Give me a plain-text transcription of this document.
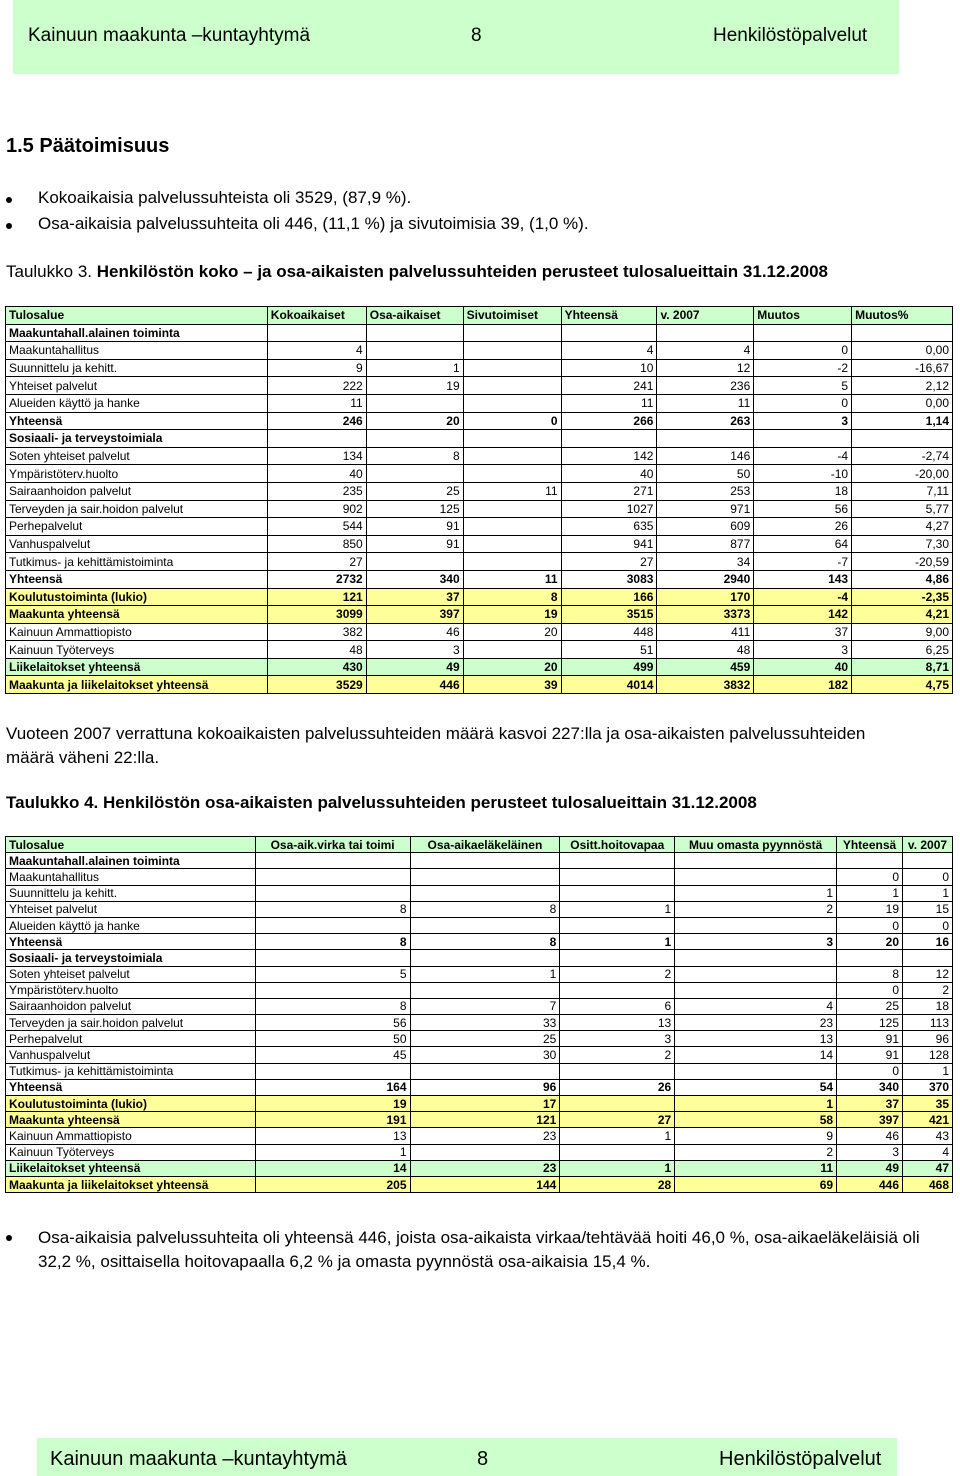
Kainuun maakunta –kuntayhtymä	8	Henkilöstöpalvelut
1.5 Päätoimisuus
Kokoaikaisia palvelussuhteista oli 3529, (87,9 %).
Osa-aikaisia palvelussuhteita oli 446, (11,1 %) ja sivutoimisia 39, (1,0 %).
Taulukko 3. Henkilöstön koko – ja osa-aikaisten palvelussuhteiden perusteet tulosalueittain 31.12.2008
Tulosalue	Kokoaikaiset	Osa-aikaiset	Sivutoimiset	Yhteensä	v. 2007	Muutos	Muutos%
Maakuntahall.alainen toiminta							
Maakuntahallitus	4			4	4	0	0,00
Suunnittelu ja kehitt.	9	1		10	12	-2	-16,67
Yhteiset palvelut	222	19		241	236	5	2,12
Alueiden käyttö ja hanke	11			11	11	0	0,00
Yhteensä	246	20	0	266	263	3	1,14
Sosiaali- ja terveystoimiala							
Soten yhteiset palvelut	134	8		142	146	-4	-2,74
Ympäristöterv.huolto	40			40	50	-10	-20,00
Sairaanhoidon palvelut	235	25	11	271	253	18	7,11
Terveyden ja sair.hoidon palvelut	902	125		1027	971	56	5,77
Perhepalvelut	544	91		635	609	26	4,27
Vanhuspalvelut	850	91		941	877	64	7,30
Tutkimus- ja kehittämistoiminta	27			27	34	-7	-20,59
Yhteensä	2732	340	11	3083	2940	143	4,86
Koulutustoiminta (lukio)	121	37	8	166	170	-4	-2,35
Maakunta yhteensä	3099	397	19	3515	3373	142	4,21
Kainuun Ammattiopisto	382	46	20	448	411	37	9,00
Kainuun Työterveys	48	3		51	48	3	6,25
Liikelaitokset yhteensä	430	49	20	499	459	40	8,71
Maakunta ja liikelaitokset yhteensä	3529	446	39	4014	3832	182	4,75
Vuoteen 2007 verrattuna kokoaikaisten palvelussuhteiden määrä kasvoi 227:lla ja osa-aikaisten palvelussuhteiden määrä väheni 22:lla.
Taulukko 4. Henkilöstön osa-aikaisten palvelussuhteiden perusteet tulosalueittain 31.12.2008
Tulosalue	Osa-aik.virka tai toimi	Osa-aikaeläkeläinen	Ositt.hoitovapaa	Muu omasta pyynnöstä	Yhteensä	v. 2007
Maakuntahall.alainen toiminta						
Maakuntahallitus					0	0
Suunnittelu ja kehitt.				1	1	1
Yhteiset palvelut	8	8	1	2	19	15
Alueiden käyttö ja hanke					0	0
Yhteensä	8	8	1	3	20	16
Sosiaali- ja terveystoimiala						
Soten yhteiset palvelut	5	1	2		8	12
Ympäristöterv.huolto					0	2
Sairaanhoidon palvelut	8	7	6	4	25	18
Terveyden ja sair.hoidon palvelut	56	33	13	23	125	113
Perhepalvelut	50	25	3	13	91	96
Vanhuspalvelut	45	30	2	14	91	128
Tutkimus- ja kehittämistoiminta					0	1
Yhteensä	164	96	26	54	340	370
Koulutustoiminta (lukio)	19	17		1	37	35
Maakunta yhteensä	191	121	27	58	397	421
Kainuun Ammattiopisto	13	23	1	9	46	43
Kainuun Työterveys	1			2	3	4
Liikelaitokset yhteensä	14	23	1	11	49	47
Maakunta ja liikelaitokset yhteensä	205	144	28	69	446	468
Osa-aikaisia palvelussuhteita oli yhteensä 446, joista osa-aikaista virkaa/tehtävää hoiti 46,0 %, osa-aikaeläkeläisiä oli 32,2 %, osittaisella hoitovapaalla 6,2 % ja omasta pyynnöstä osa-aikaisia 15,4 %.
Kainuun maakunta –kuntayhtymä	8	Henkilöstöpalvelut
